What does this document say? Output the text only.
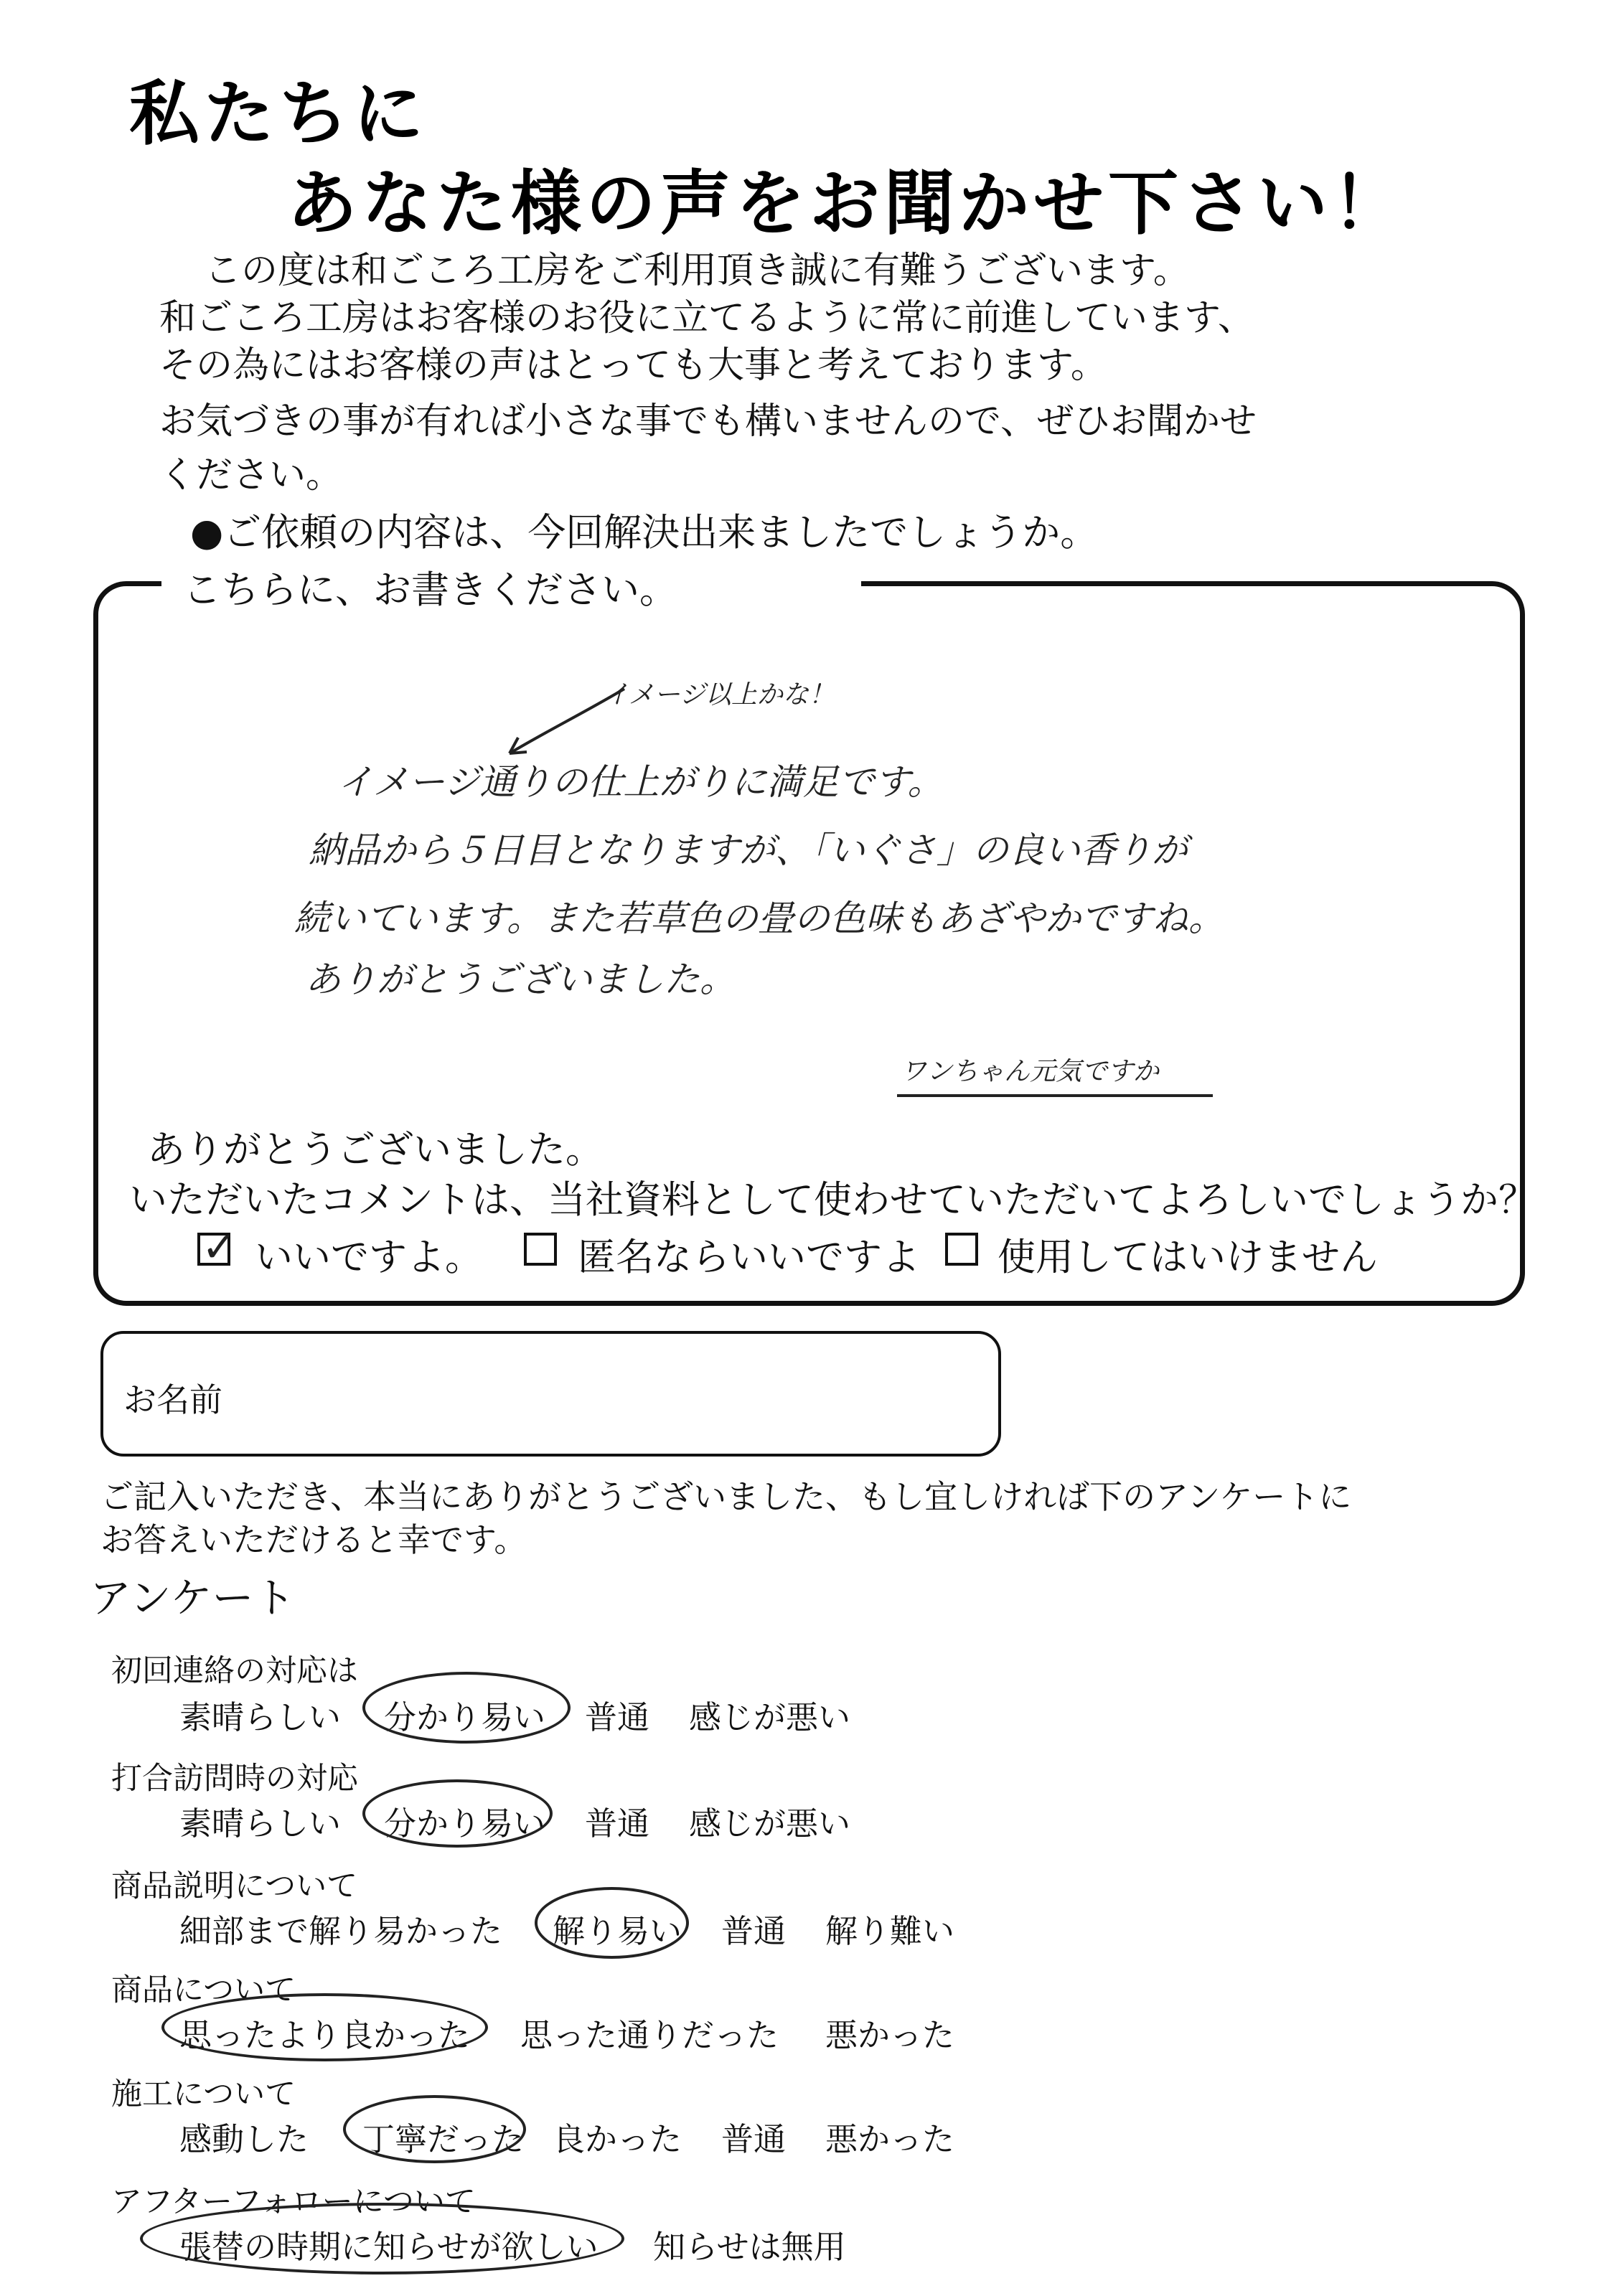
私たちに
あなた様の声をお聞かせ下さい！
この度は和ごころ工房をご利用頂き誠に有難うございます。
和ごころ工房はお客様のお役に立てるように常に前進しています、
その為にはお客様の声はとっても大事と考えております。
お気づきの事が有れば小さな事でも構いませんので、ぜひお聞かせ
ください。
●ご依頼の内容は、今回解決出来ましたでしょうか。
こちらに、お書きください。
イメージ以上かな！
イメージ通りの仕上がりに満足です。
納品から５日目となりますが、「いぐさ」の良い香りが
続いています。また若草色の畳の色味もあざやかですね。
ありがとうございました。
ワンちゃん元気ですか
ありがとうございました。
いただいたコメントは、当社資料として使わせていただいてよろしいでしょうか？
✓ いいですよ。 匿名ならいいですよ 使用してはいけません
お名前
ご記入いただき、本当にありがとうございました、もし宜しければ下のアンケートに
お答えいただけると幸です。
アンケート
初回連絡の対応は
素晴らしい 分かり易い 普通 感じが悪い
打合訪問時の対応
素晴らしい 分かり易い 普通 感じが悪い
商品説明について
細部まで解り易かった 解り易い 普通 解り難い
商品について
思ったより良かった 思った通りだった 悪かった
施工について
感動した 丁寧だった 良かった 普通 悪かった
アフターフォローについて
張替の時期に知らせが欲しい 知らせは無用
